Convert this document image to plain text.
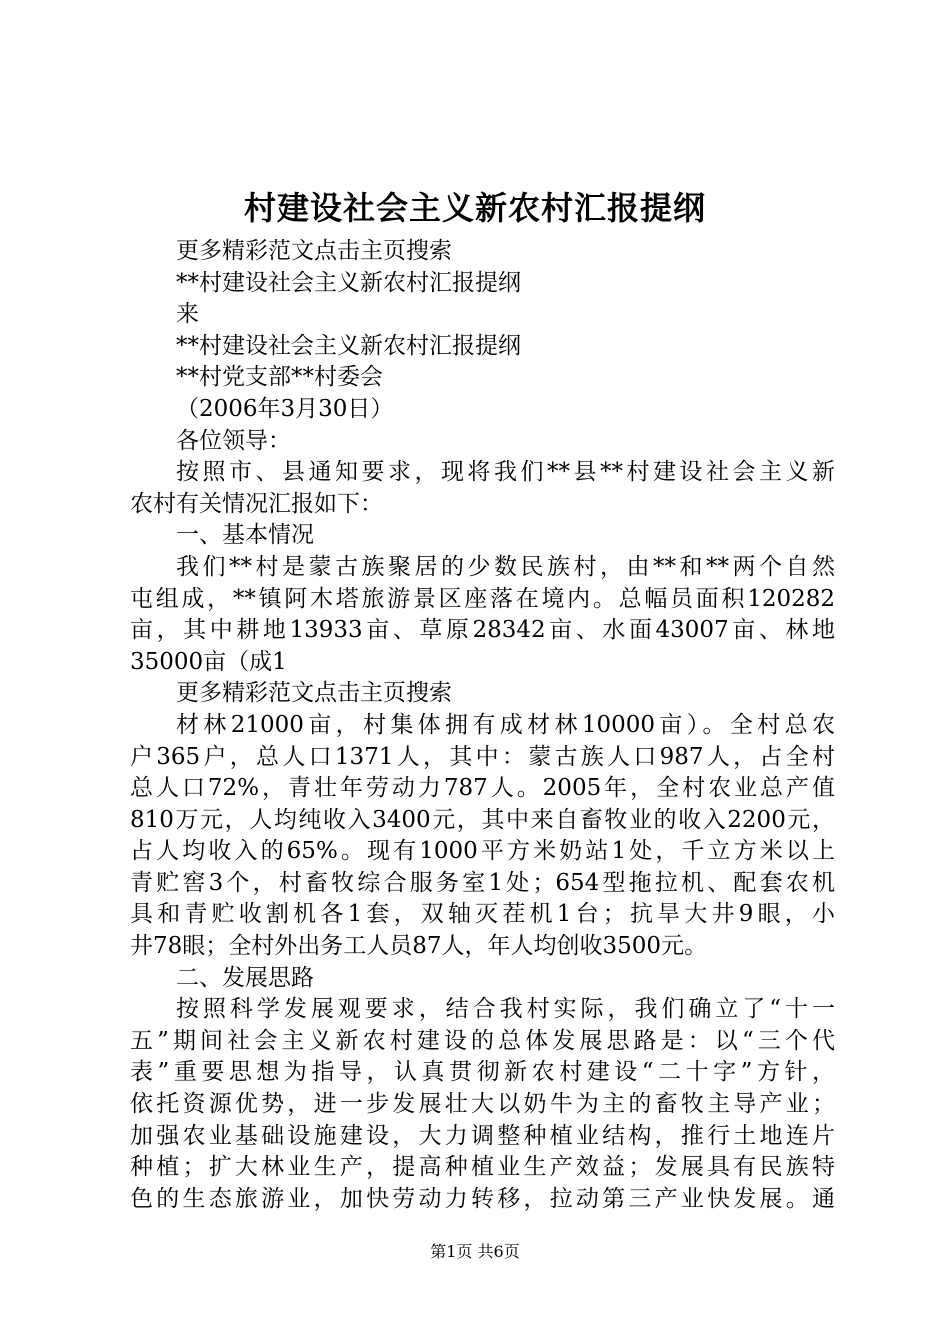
村建设社会主义新农村汇报提纲
更多精彩范文点击主页搜索
**村建设社会主义新农村汇报提纲
来
**村建设社会主义新农村汇报提纲
**村党支部**村委会
（2006年3月30日）
各位领导：
按照市、县通知要求，现将我们**县**村建设社会主义新
农村有关情况汇报如下：
一、基本情况
我们**村是蒙古族聚居的少数民族村，由**和**两个自然
屯组成，**镇阿木塔旅游景区座落在境内。总幅员面积120282
亩，其中耕地13933亩、草原28342亩、水面43007亩、林地
35000亩（成1
更多精彩范文点击主页搜索
材林21000亩，村集体拥有成材林10000亩）。全村总农
户365户，总人口1371人，其中：蒙古族人口987人，占全村
总人口72%，青壮年劳动力787人。2005年，全村农业总产值
810万元，人均纯收入3400元，其中来自畜牧业的收入2200元，
占人均收入的65%。现有1000平方米奶站1处，千立方米以上
青贮窖3个，村畜牧综合服务室1处；654型拖拉机、配套农机
具和青贮收割机各1套，双轴灭茬机1台；抗旱大井9眼，小
井78眼；全村外出务工人员87人，年人均创收3500元。
二、发展思路
按照科学发展观要求，结合我村实际，我们确立了“十一
五”期间社会主义新农村建设的总体发展思路是：以“三个代
表”重要思想为指导，认真贯彻新农村建设“二十字”方针，
依托资源优势，进一步发展壮大以奶牛为主的畜牧主导产业；
加强农业基础设施建设，大力调整种植业结构，推行土地连片
种植；扩大林业生产，提高种植业生产效益；发展具有民族特
色的生态旅游业，加快劳动力转移，拉动第三产业快发展。通
第1页 共6页
